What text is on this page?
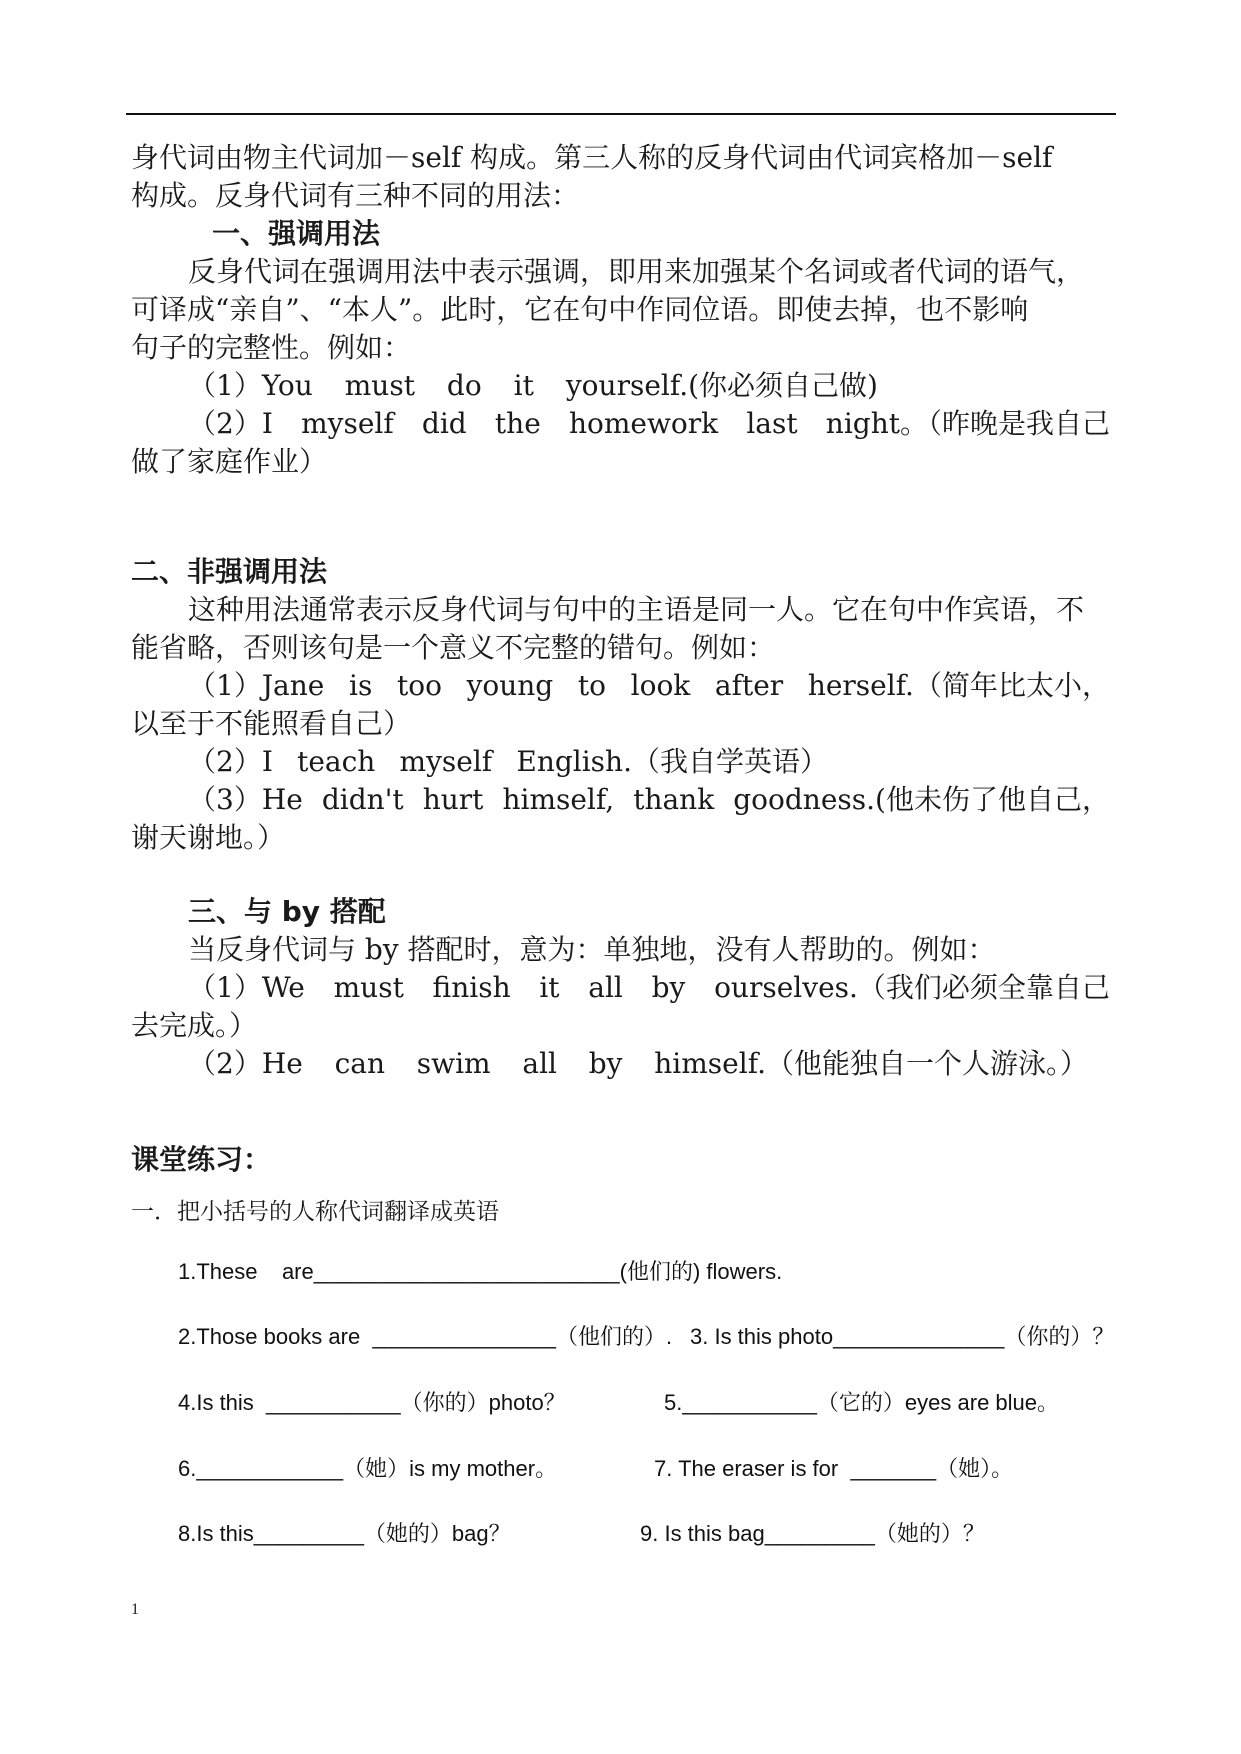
身代词由物主代词加－self 构成。第三人称的反身代词由代词宾格加－self
构成。反身代词有三种不同的用法：
一、强调用法
反身代词在强调用法中表示强调，即用来加强某个名词或者代词的语气，
可译成“亲自”、“本人”。此时，它在句中作同位语。即使去掉，也不影响
句子的完整性。例如：
（1）You must do it yourself.(你必须自己做)
（2）I myself did the homework last night。（昨晚是我自己
做了家庭作业）
二、非强调用法
这种用法通常表示反身代词与句中的主语是同一人。它在句中作宾语，不
能省略，否则该句是一个意义不完整的错句。例如：
（1）Jane is too young to look after herself.（简年比太小，
以至于不能照看自己）
（2）I teach myself English.（我自学英语）
（3）He didn't hurt himself, thank goodness.(他未伤了他自己，
谢天谢地。）
三、与 by 搭配
当反身代词与 by 搭配时，意为：单独地，没有人帮助的。例如：
（1）We must finish it all by ourselves.（我们必须全靠自己
去完成。）
（2）He can swim all by himself.（他能独自一个人游泳。）
课堂练习：
一．把小括号的人称代词翻译成英语
1.These    are_________________________(他们的) flowers.
2.Those books are  _______________（他们的）. 3. Is this photo______________（你的）？
4.Is this  ___________（你的）photo？	5.___________（它的）eyes are blue。
6.____________（她）is my mother。	7. The eraser is for  _______（她）。
8.Is this_________（她的）bag？	9. Is this bag_________（她的）？
1
